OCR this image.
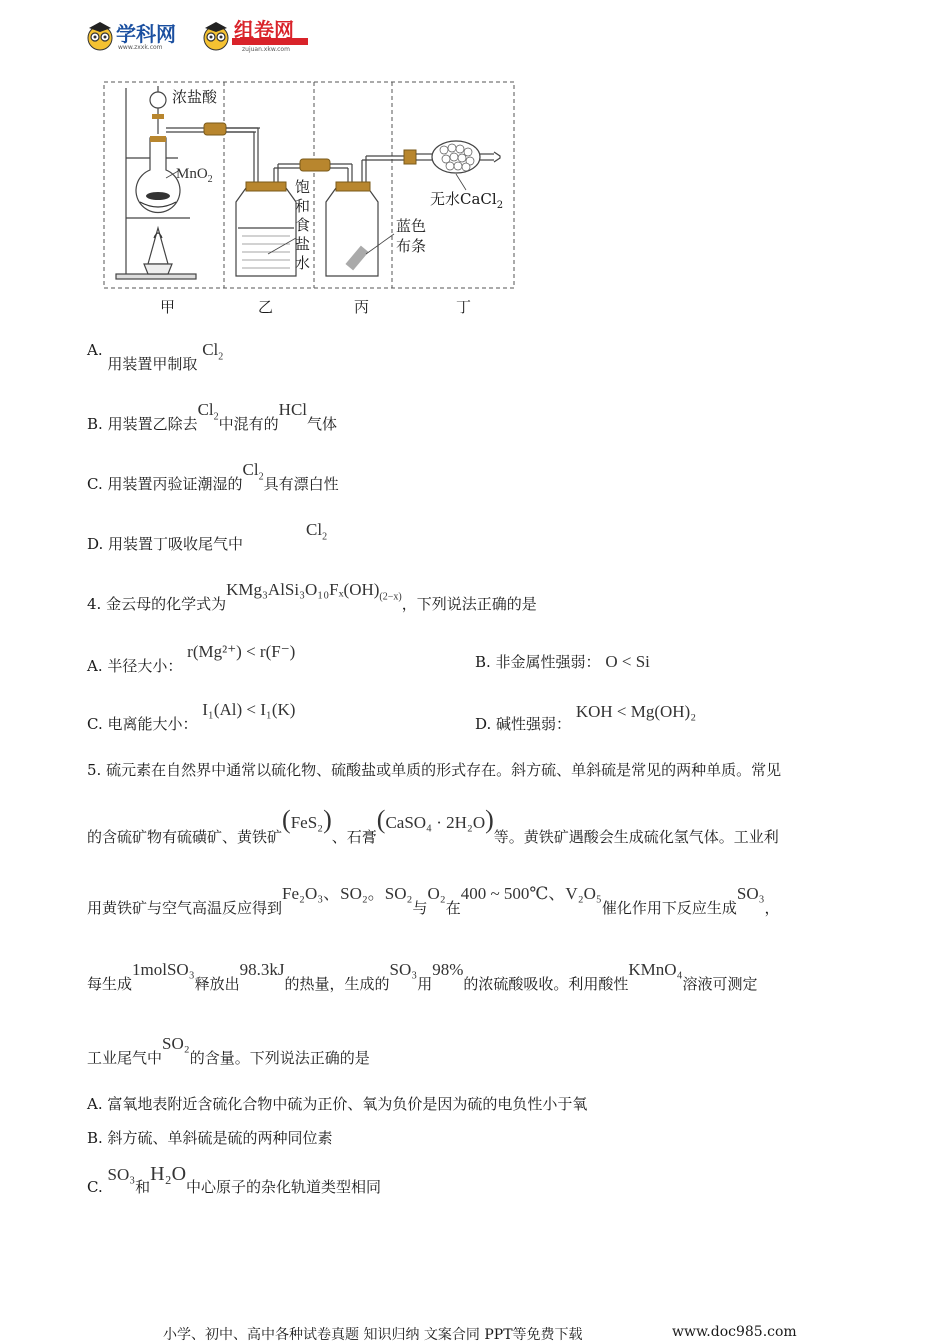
学科网
www.zxxk.com
组卷网
zujuan.xkw.com
浓盐酸
MnO$_2$	饱
和
食
盐
水
蓝色
布条
无水CaCl$_2$
甲	乙	丙	丁
A. 用装置甲制取 $Cl_2$
B. 用装置乙除去$Cl_2$中混有的HCl气体
C. 用装置丙验证潮湿的$Cl_2$具有漂白性
D. 用装置丁吸收尾气中
$Cl_2$
4. 金云母的化学式为$KMg_3AlSi_3O_{10}F_x(OH)_{(2-x)}$，下列说法正确的是
A. 半径大小： r(Mg²⁺) < r(F⁻)
B. 非金属性强弱： O < Si
C. 电离能大小： I₁(Al) < I₁(K)
D. 碱性强弱： KOH < Mg(OH)₂
5. 硫元素在自然界中通常以硫化物、硫酸盐或单质的形式存在。斜方硫、单斜硫是常见的两种单质。常见
的含硫矿物有硫磺矿、黄铁矿(FeS₂)、石膏(CaSO₄ · 2H₂O)等。黄铁矿遇酸会生成硫化氢气体。工业利
用黄铁矿与空气高温反应得到Fe₂O₃、SO₂。SO₂与O₂在400 ~ 500℃、V₂O₅催化作用下反应生成SO₃，
每生成1molSO₃释放出98.3kJ的热量，生成的SO₃用98%的浓硫酸吸收。利用酸性KMnO₄溶液可测定
工业尾气中SO₂的含量。下列说法正确的是
A. 富氧地表附近含硫化合物中硫为正价、氧为负价是因为硫的电负性小于氧
B. 斜方硫、单斜硫是硫的两种同位素
C. SO₃和H₂O中心原子的杂化轨道类型相同
小学、初中、高中各种试卷真题 知识归纳 文案合同 PPT等免费下载	www.doc985.com
